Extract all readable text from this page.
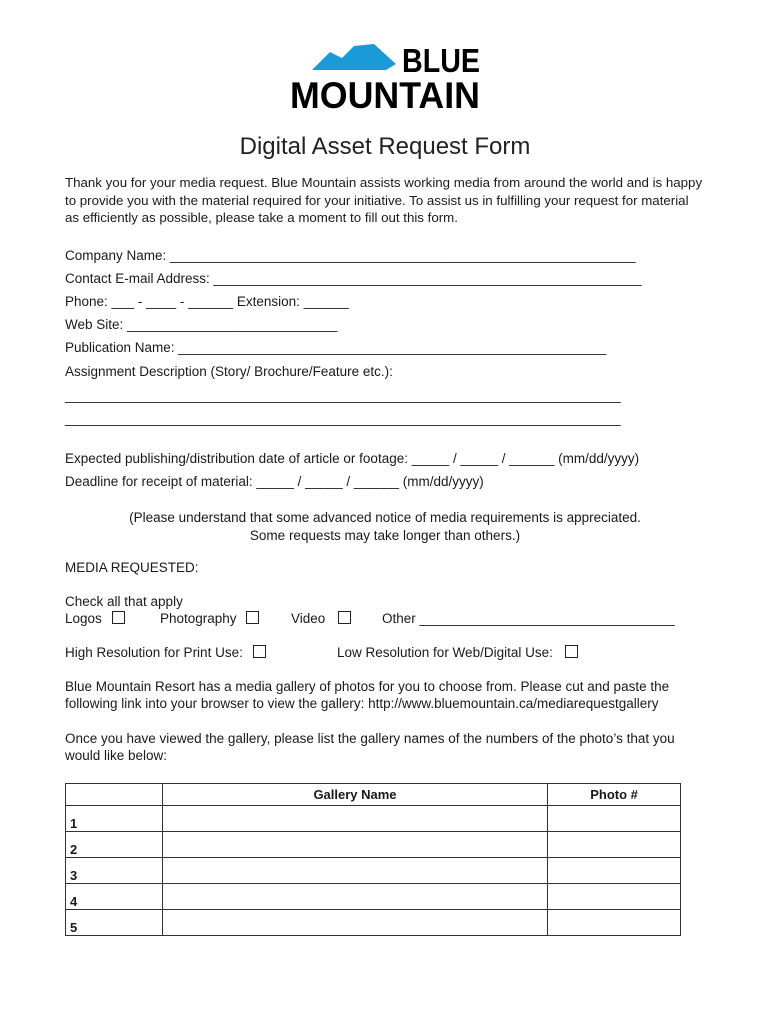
BLUE
MOUNTAIN
Digital Asset Request Form
Thank you for your media request. Blue Mountain assists working media from around the world and is happy to provide you with the material required for your initiative. To assist us in fulfilling your request for material as efficiently as possible, please take a moment to fill out this form.
Company Name: ______________________________________________________________
Contact E-mail Address: _________________________________________________________
Phone: ___ - ____ - ______ Extension: ______
Web Site: ____________________________
Publication Name: _________________________________________________________
Assignment Description (Story/ Brochure/Feature etc.):
__________________________________________________________________________
__________________________________________________________________________
Expected publishing/distribution date of article or footage: _____ / _____ / ______ (mm/dd/yyyy)
Deadline for receipt of material: _____ / _____ / ______ (mm/dd/yyyy)
(Please understand that some advanced notice of media requirements is appreciated.
Some requests may take longer than others.)
MEDIA REQUESTED:
Check all that apply
Logos	Photography	Video	Other __________________________________
High Resolution for Print Use:	Low Resolution for Web/Digital Use:
Blue Mountain Resort has a media gallery of photos for you to choose from. Please cut and paste the
following link into your browser to view the gallery: http://www.bluemountain.ca/mediarequestgallery
Once you have viewed the gallery, please list the gallery names of the numbers of the photo’s that you
would like below:
	Gallery Name	Photo #
1		
2		
3		
4		
5		
